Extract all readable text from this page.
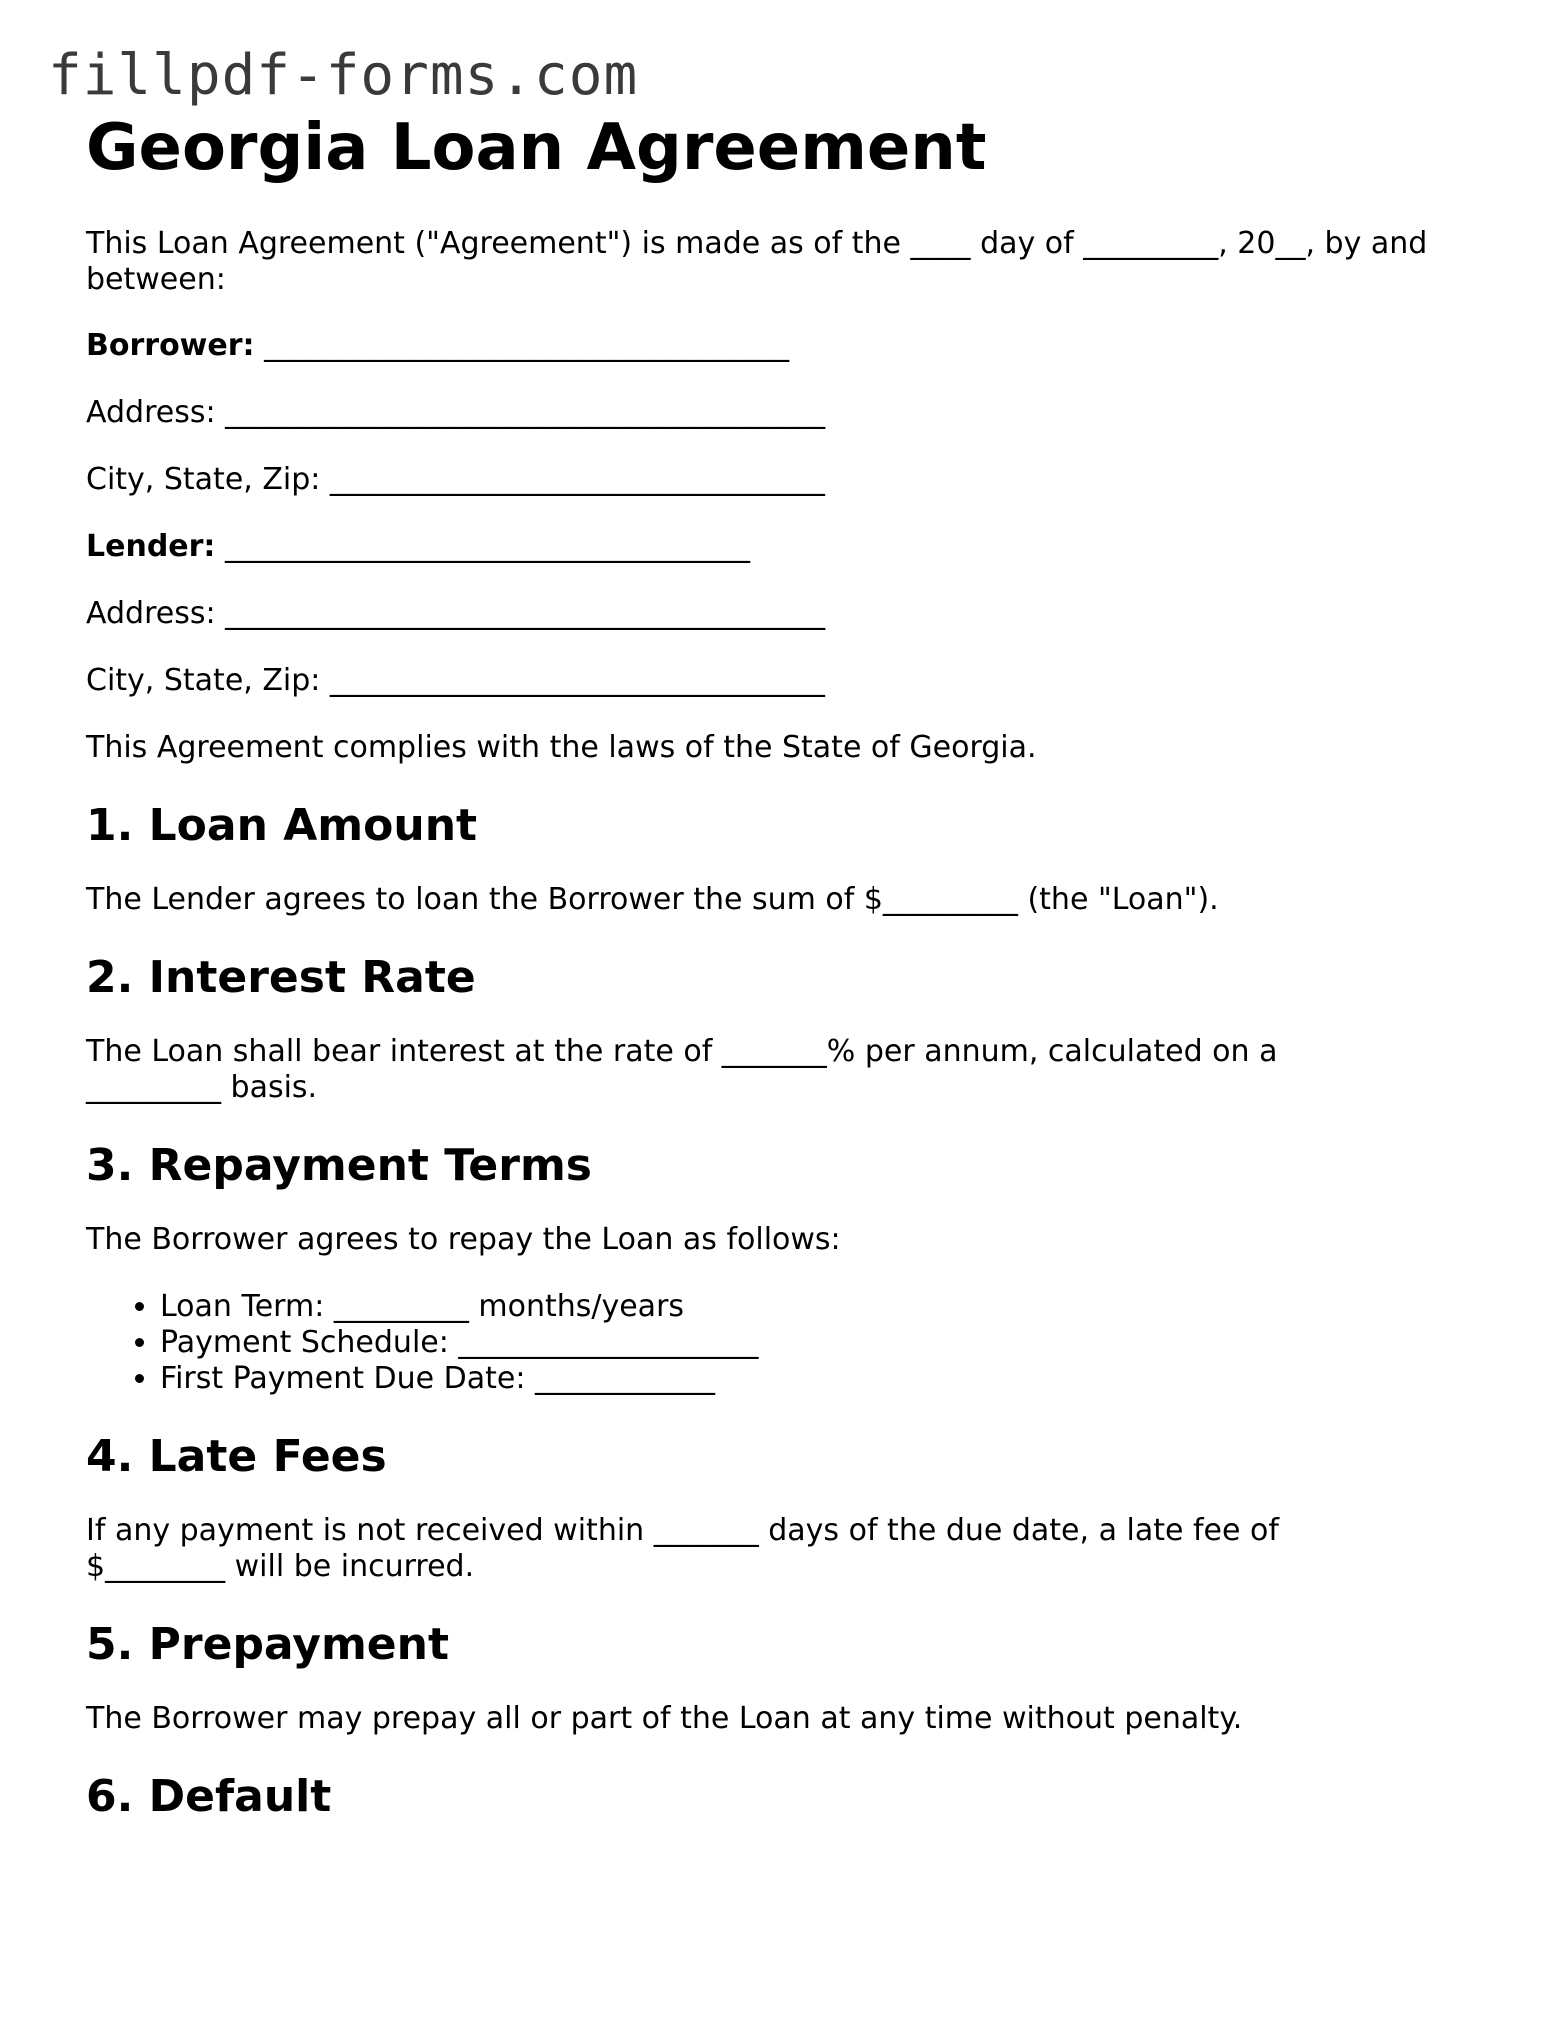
fillpdf-forms.com
Georgia Loan Agreement

This Loan Agreement ("Agreement") is made as of the ____ day of _________, 20__, by and between:

Borrower: ___________________________________

Address: ________________________________________

City, State, Zip: _________________________________

Lender: ___________________________________

Address: ________________________________________

City, State, Zip: _________________________________

This Agreement complies with the laws of the State of Georgia.

1. Loan Amount

The Lender agrees to loan the Borrower the sum of $_________ (the "Loan").

2. Interest Rate

The Loan shall bear interest at the rate of _______% per annum, calculated on a _________ basis.

3. Repayment Terms

The Borrower agrees to repay the Loan as follows:

• Loan Term: _________ months/years
• Payment Schedule: ____________________
• First Payment Due Date: ____________
4. Late Fees

If any payment is not received within _______ days of the due date, a late fee of $________ will be incurred.

5. Prepayment

The Borrower may prepay all or part of the Loan at any time without penalty.

6. Default
